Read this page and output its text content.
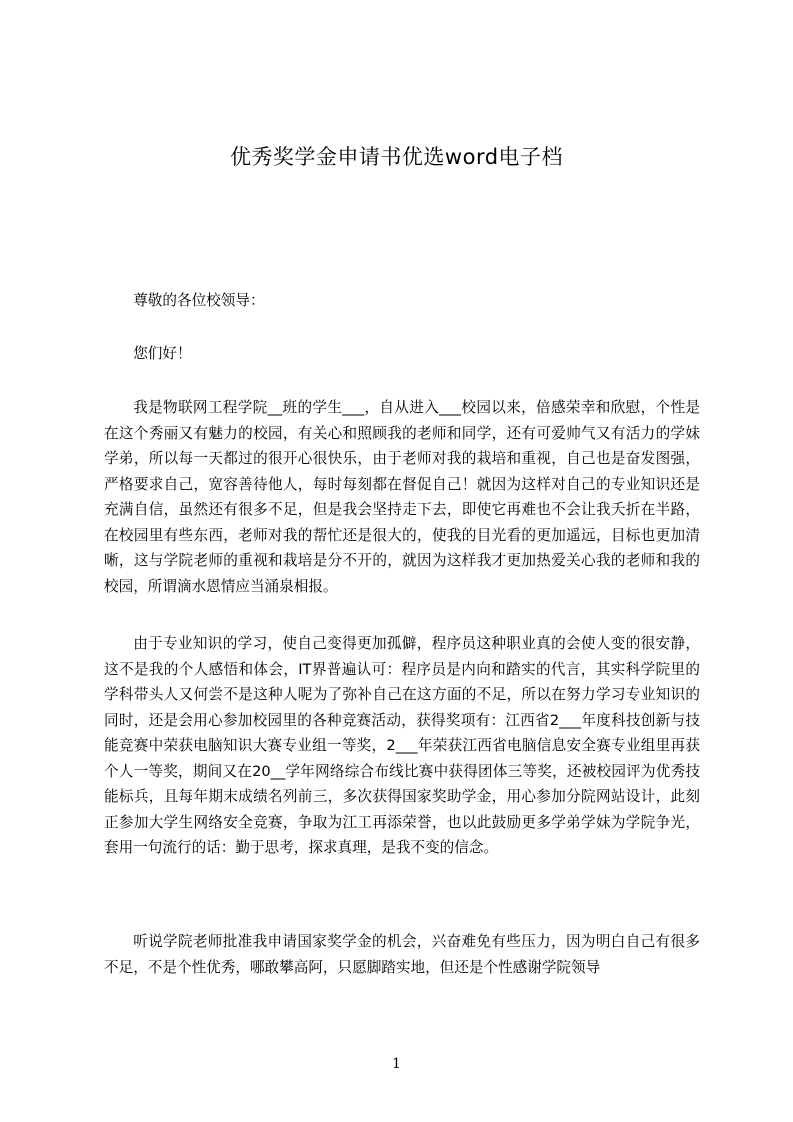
优秀奖学金申请书优选word电子档

尊敬的各位校领导：

您们好！

我是物联网工程学院__班的学生___，自从进入___校园以来，倍感荣幸和欣慰，个性是在这个秀丽又有魅力的校园，有关心和照顾我的老师和同学，还有可爱帅气又有活力的学妹学弟，所以每一天都过的很开心很快乐，由于老师对我的栽培和重视，自己也是奋发图强，严格要求自己，宽容善待他人，每时每刻都在督促自己！就因为这样对自己的专业知识还是充满自信，虽然还有很多不足，但是我会坚持走下去，即使它再难也不会让我夭折在半路，在校园里有些东西，老师对我的帮忙还是很大的，使我的目光看的更加遥远，目标也更加清晰，这与学院老师的重视和栽培是分不开的，就因为这样我才更加热爱关心我的老师和我的校园，所谓滴水恩情应当涌泉相报。

由于专业知识的学习，使自己变得更加孤僻，程序员这种职业真的会使人变的很安静，这不是我的个人感悟和体会，IT界普遍认可：程序员是内向和踏实的代言，其实科学院里的学科带头人又何尝不是这种人呢为了弥补自己在这方面的不足，所以在努力学习专业知识的同时，还是会用心参加校园里的各种竞赛活动，获得奖项有：江西省2___年度科技创新与技能竞赛中荣获电脑知识大赛专业组一等奖，2___年荣获江西省电脑信息安全赛专业组里再获个人一等奖，期间又在20__学年网络综合布线比赛中获得团体三等奖，还被校园评为优秀技能标兵，且每年期末成绩名列前三，多次获得国家奖助学金，用心参加分院网站设计，此刻正参加大学生网络安全竞赛，争取为江工再添荣誉，也以此鼓励更多学弟学妹为学院争光，套用一句流行的话：勤于思考，探求真理，是我不变的信念。

听说学院老师批准我申请国家奖学金的机会，兴奋难免有些压力，因为明白自己有很多不足，不是个性优秀，哪敢攀高阿，只愿脚踏实地，但还是个性感谢学院领导

1
